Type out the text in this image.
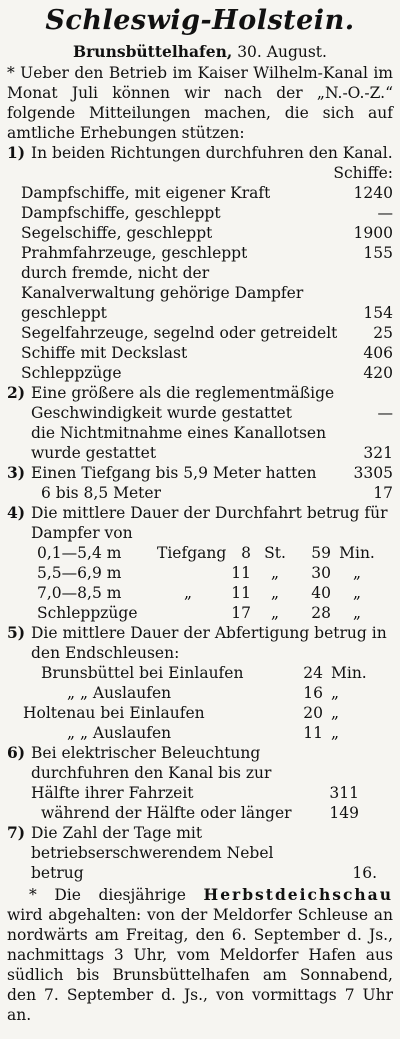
Schleswig-Holstein.
Brunsbüttelhafen, 30. August.
* Ueber den Betrieb im Kaiser Wilhelm-Kanal im Monat Juli können wir nach der „N.-O.-Z.“ folgende Mitteilungen machen, die sich auf amtliche Erhebungen stützen:
1) In beiden Richtungen durchfuhren den Kanal.
Schiffe:
Dampfschiffe, mit eigener Kraft	1240
Dampfschiffe, geschleppt	—
Segelschiffe, geschleppt	1900
Prahmfahrzeuge, geschleppt	155
durch fremde, nicht der Kanalverwaltung gehörige Dampfer geschleppt	154
Segelfahrzeuge, segelnd oder getreidelt	25
Schiffe mit Deckslast	406
Schleppzüge	420
2) Eine größere als die reglementmäßige Geschwindigkeit wurde gestattet	—
die Nichtmitnahme eines Kanallotsen wurde gestattet	321
3) Einen Tiefgang bis 5,9 Meter hatten	3305
6 bis 8,5 Meter	17
4) Die mittlere Dauer der Durchfahrt betrug für Dampfer von
0,1—5,4 m	Tiefgang 8 St.	59 Min.
5,5—6,9 m	11	„	30	„
7,0—8,5 m	„	11	„	40	„
Schleppzüge	17	„	28	„
5) Die mittlere Dauer der Abfertigung betrug in den Endschleusen:
Brunsbüttel bei Einlaufen	24 Min.
„ „ Auslaufen	16 „
Holtenau bei Einlaufen	20 „
„ „ Auslaufen	11 „
6) Bei elektrischer Beleuchtung durchfuhren den Kanal bis zur Hälfte ihrer Fahrzeit	311
während der Hälfte oder länger	149
7) Die Zahl der Tage mit betriebserschwerendem Nebel betrug	16.
* Die diesjährige Herbstdeichschau wird abgehalten: von der Meldorfer Schleuse an nordwärts am Freitag, den 6. September d. Js., nachmittags 3 Uhr, vom Meldorfer Hafen aus südlich bis Brunsbüttelhafen am Sonnabend, den 7. September d. Js., von vormittags 7 Uhr an.
